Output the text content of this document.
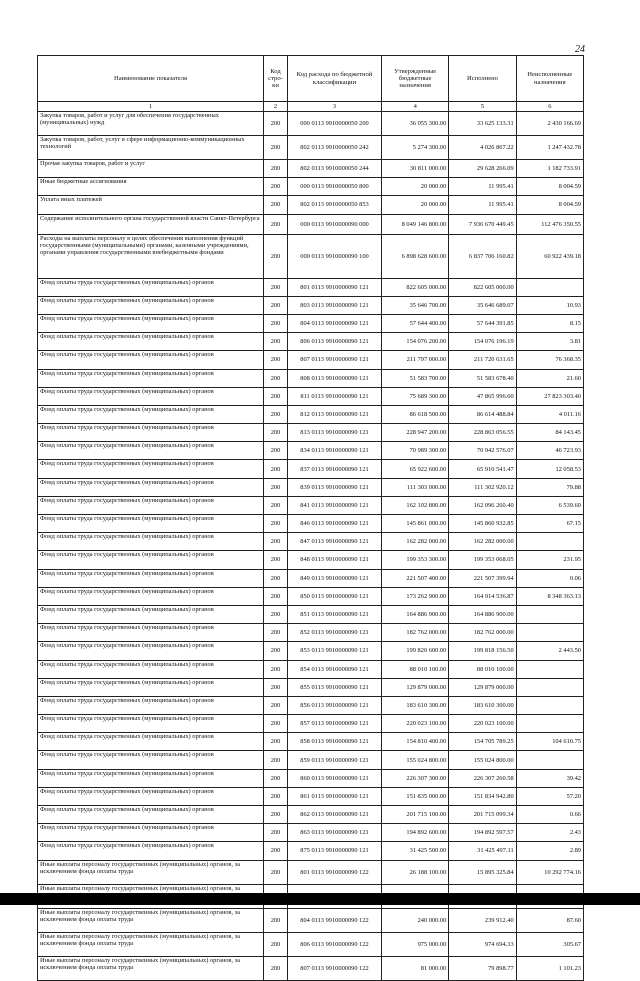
24
Наименование показателя	Код стро-ки	Код расхода по бюджетной классификации	Утвержденные бюджетные назначения	Исполнено	Неисполненные назначения
1	2	3	4	5	6
Закупка товаров, работ и услуг для обеспечения государственных (муниципальных) нужд	200	000 0113 9910000050 200	36 055 300.00	33 625 133.31	2 430 166.69
Закупка товаров, работ, услуг в сфере информационно-коммуникационных технологий	200	802 0113 9910000050 242	5 274 300.00	4 026 867.22	1 247 432.78
Прочая закупка товаров, работ и услуг	200	802 0113 9910000050 244	30 811 000.00	29 628 266.09	1 182 733.91
Иные бюджетные ассигнования	200	000 0113 9910000050 800	20 000.00	11 995.41	8 004.59
Уплата иных платежей	200	802 0113 9910000050 853	20 000.00	11 995.41	8 004.59
Содержание исполнительного органа государственной власти Санкт-Петербурга	200	000 0113 9910000090 000	8 049 146 800.00	7 936 670 449.45	112 476 350.55
Расходы на выплаты персоналу в целях обеспечения выполнения функций государственными (муниципальными) органами, казенными учреждениями, органами управления государственными внебюджетными фондами	200	000 0113 9910000090 100	6 898 628 600.00	6 837 706 160.82	60 922 439.18
Фонд оплаты труда государственных (муниципальных) органов	200	801 0113 9910000090 121	822 605 000.00	822 605 000.00	
Фонд оплаты труда государственных (муниципальных) органов	200	803 0113 9910000090 121	35 646 700.00	35 646 689.07	10.93
Фонд оплаты труда государственных (муниципальных) органов	200	804 0113 9910000090 121	57 644 400.00	57 644 391.85	8.15
Фонд оплаты труда государственных (муниципальных) органов	200	806 0113 9910000090 121	154 076 200.00	154 076 196.19	3.81
Фонд оплаты труда государственных (муниципальных) органов	200	807 0113 9910000090 121	211 797 000.00	211 720 631.65	76 368.35
Фонд оплаты труда государственных (муниципальных) органов	200	808 0113 9910000090 121	51 583 700.00	51 583 678.40	21.60
Фонд оплаты труда государственных (муниципальных) органов	200	811 0113 9910000090 121	75 689 300.00	47 865 996.60	27 823 303.40
Фонд оплаты труда государственных (муниципальных) органов	200	812 0113 9910000090 121	86 618 500.00	86 614 488.84	4 011.16
Фонд оплаты труда государственных (муниципальных) органов	200	813 0113 9910000090 121	228 947 200.00	228 863 056.55	84 143.45
Фонд оплаты труда государственных (муниципальных) органов	200	834 0113 9910000090 121	70 989 300.00	70 942 576.07	46 723.93
Фонд оплаты труда государственных (муниципальных) органов	200	837 0113 9910000090 121	65 922 600.00	65 910 541.47	12 058.53
Фонд оплаты труда государственных (муниципальных) органов	200	839 0113 9910000090 121	111 303 000.00	111 302 920.12	79.88
Фонд оплаты труда государственных (муниципальных) органов	200	841 0113 9910000090 121	162 102 800.00	162 096 260.40	6 539.60
Фонд оплаты труда государственных (муниципальных) органов	200	846 0113 9910000090 121	145 861 000.00	145 860 932.85	67.15
Фонд оплаты труда государственных (муниципальных) органов	200	847 0113 9910000090 121	162 282 000.00	162 282 000.00	
Фонд оплаты труда государственных (муниципальных) органов	200	848 0113 9910000090 121	199 353 300.00	199 353 068.05	231.95
Фонд оплаты труда государственных (муниципальных) органов	200	849 0113 9910000090 121	221 507 400.00	221 507 399.94	0.06
Фонд оплаты труда государственных (муниципальных) органов	200	850 0113 9910000090 121	173 262 900.00	164 914 536.87	8 348 363.13
Фонд оплаты труда государственных (муниципальных) органов	200	851 0113 9910000090 121	164 886 900.00	164 886 900.00	
Фонд оплаты труда государственных (муниципальных) органов	200	852 0113 9910000090 121	182 762 000.00	182 762 000.00	
Фонд оплаты труда государственных (муниципальных) органов	200	853 0113 9910000090 121	199 820 600.00	199 818 156.50	2 443.50
Фонд оплаты труда государственных (муниципальных) органов	200	854 0113 9910000090 121	88 010 100.00	88 010 100.00	
Фонд оплаты труда государственных (муниципальных) органов	200	855 0113 9910000090 121	129 879 000.00	129 879 000.00	
Фонд оплаты труда государственных (муниципальных) органов	200	856 0113 9910000090 121	183 610 300.00	183 610 300.00	
Фонд оплаты труда государственных (муниципальных) органов	200	857 0113 9910000090 121	220 023 100.00	220 023 100.00	
Фонд оплаты труда государственных (муниципальных) органов	200	858 0113 9910000090 121	154 810 400.00	154 705 789.25	104 610.75
Фонд оплаты труда государственных (муниципальных) органов	200	859 0113 9910000090 121	155 024 800.00	155 024 800.00	
Фонд оплаты труда государственных (муниципальных) органов	200	860 0113 9910000090 121	226 307 300.00	226 307 260.58	39.42
Фонд оплаты труда государственных (муниципальных) органов	200	861 0113 9910000090 121	151 835 000.00	151 834 942.80	57.20
Фонд оплаты труда государственных (муниципальных) органов	200	862 0113 9910000090 121	201 715 100.00	201 715 099.34	0.66
Фонд оплаты труда государственных (муниципальных) органов	200	863 0113 9910000090 121	194 892 600.00	194 892 597.57	2.43
Фонд оплаты труда государственных (муниципальных) органов	200	875 0113 9910000090 121	31 425 500.00	31 425 497.11	2.89
Иные выплаты персоналу государственных (муниципальных) органов, за исключением фонда оплаты труда	200	801 0113 9910000090 122	26 188 100.00	15 895 325.84	10 292 774.16
Иные выплаты персоналу государственных (муниципальных) органов, за					
Иные выплаты персоналу государственных (муниципальных) органов, за исключением фонда оплаты труда	200	804 0113 9910000090 122	240 000.00	239 912.40	87.60
Иные выплаты персоналу государственных (муниципальных) органов, за исключением фонда оплаты труда	200	806 0113 9910000090 122	975 000.00	974 694.33	305.67
Иные выплаты персоналу государственных (муниципальных) органов, за исключением фонда оплаты труда	200	807 0113 9910000090 122	81 000.00	79 898.77	1 101.23
